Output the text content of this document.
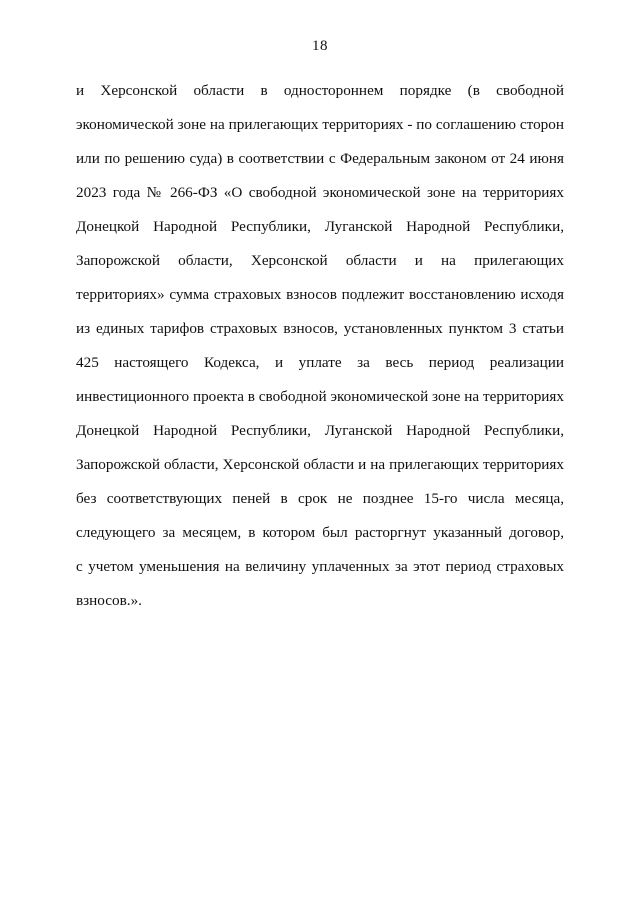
18
и Херсонской области в одностороннем порядке (в свободной
экономической зоне на прилегающих территориях - по соглашению сторон
или по решению суда) в соответствии с Федеральным законом от 24 июня
2023 года № 266-ФЗ «О свободной экономической зоне на территориях
Донецкой Народной Республики, Луганской Народной Республики,
Запорожской области, Херсонской области и на прилегающих
территориях» сумма страховых взносов подлежит восстановлению исходя
из единых тарифов страховых взносов, установленных пунктом 3 статьи
425 настоящего Кодекса, и уплате за весь период реализации
инвестиционного проекта в свободной экономической зоне на территориях
Донецкой Народной Республики, Луганской Народной Республики,
Запорожской области, Херсонской области и на прилегающих территориях
без соответствующих пеней в срок не позднее 15-го числа месяца,
следующего за месяцем, в котором был расторгнут указанный договор,
с учетом уменьшения на величину уплаченных за этот период страховых
взносов.».
